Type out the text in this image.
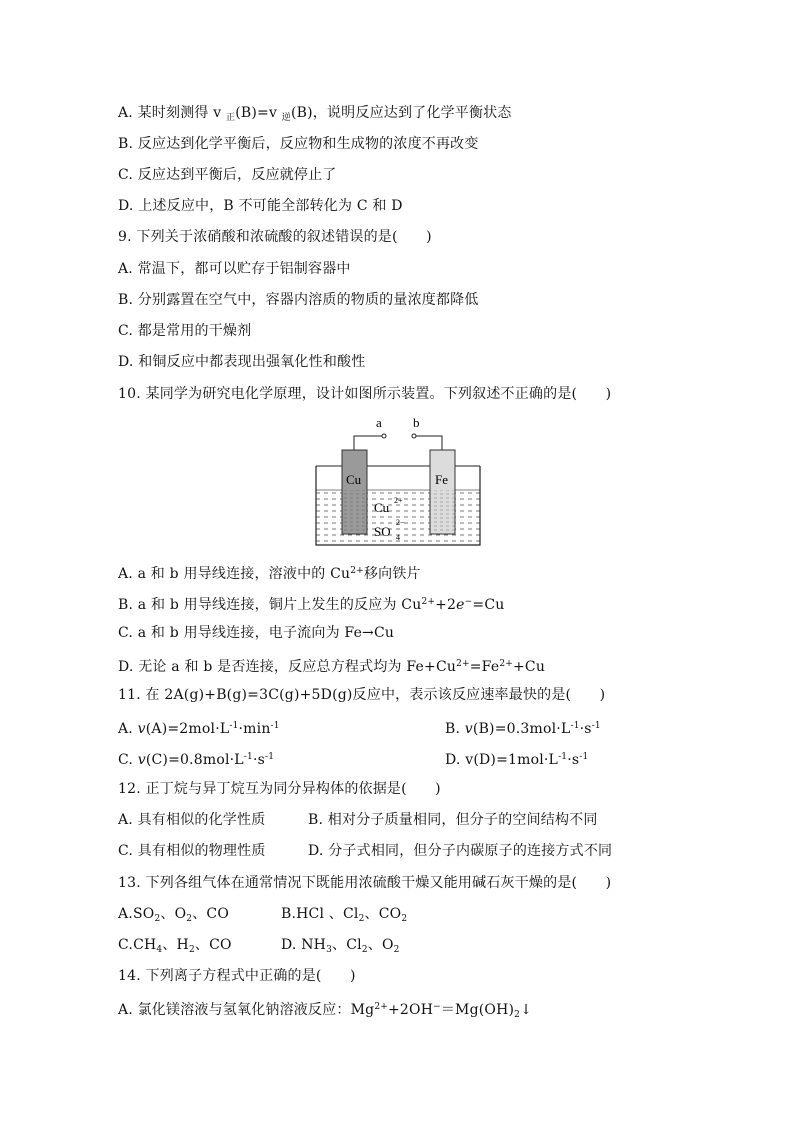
A. 某时刻测得 v $_正$(B)=v $_逆$(B)，说明反应达到了化学平衡状态
B. 反应达到化学平衡后，反应物和生成物的浓度不再改变
C. 反应达到平衡后，反应就停止了
D. 上述反应中，B 不可能全部转化为 C 和 D
9. 下列关于浓硝酸和浓硫酸的叙述错误的是(　　)
A. 常温下，都可以贮存于铝制容器中
B. 分别露置在空气中，容器内溶质的物质的量浓度都降低
C. 都是常用的干燥剂
D. 和铜反应中都表现出强氧化性和酸性
10. 某同学为研究电化学原理，设计如图所示装置。下列叙述不正确的是(　　)
a b
Cu	Fe
Cu 2+
SO 4
2−
A. a 和 b 用导线连接，溶液中的 $Cu^{2+}$移向铁片
B. a 和 b 用导线连接，铜片上发生的反应为 $Cu^{2+}+2e^-=Cu$
C. a 和 b 用导线连接，电子流向为 Fe→Cu
D. 无论 a 和 b 是否连接，反应总方程式均为 $Fe+Cu^{2+}=Fe^{2+}+Cu$
11. 在 2A(g)+B(g)=3C(g)+5D(g)反应中，表示该反应速率最快的是(　　)
A. $v(A)=2mol\cdot L^{-1}\cdot\min^{-1}$	B. $v(B)=0.3mol\cdot L^{-1}\cdot s^{-1}$
C. $v(C)=0.8mol\cdot L^{-1}\cdot s^{-1}$	D. $v(D)=1mol\cdot L^{-1}\cdot s^{-1}$
12. 正丁烷与异丁烷互为同分异构体的依据是(　　)
A. 具有相似的化学性质	B. 相对分子质量相同，但分子的空间结构不同
C. 具有相似的物理性质	D. 分子式相同，但分子内碳原子的连接方式不同
13. 下列各组气体在通常情况下既能用浓硫酸干燥又能用碱石灰干燥的是(　　)
$A.SO_2$、$O_2$、CO	B.HCl 、$Cl_2$、$CO_2$
$C.CH_4$、$H_2$、CO	D. $NH_3$、$Cl_2$、$O_2$
14. 下列离子方程式中正确的是(　　)
A. 氯化镁溶液与氢氧化钠溶液反应：$Mg^{2+}+2OH^-=Mg(OH)_2↓$
